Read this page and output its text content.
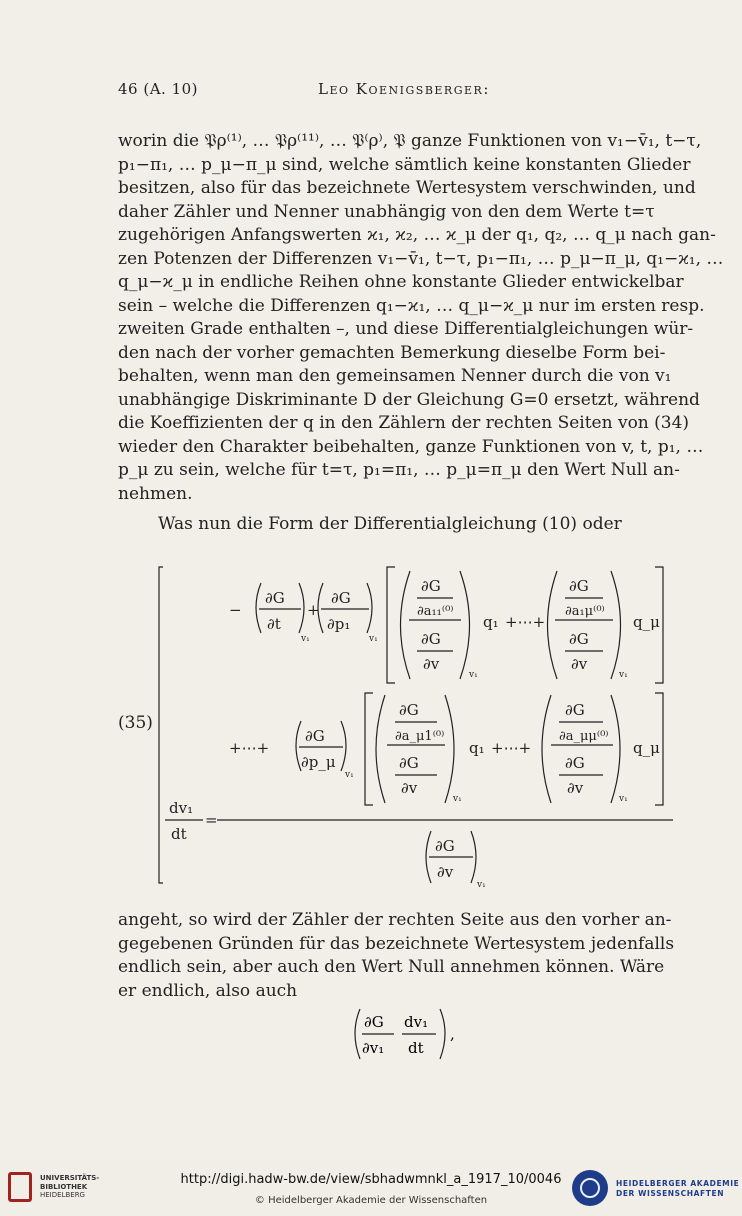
46 (A. 10)	Leo Koenigsberger:
worin die 𝔓ρ⁽¹⁾, … 𝔓ρ⁽¹¹⁾, … 𝔓⁽ρ⁾, 𝔓 ganze Funktionen von v₁−v̄₁, t−τ,
p₁−π₁, … p_μ−π_μ sind, welche sämtlich keine konstanten Glieder
besitzen, also für das bezeichnete Wertesystem verschwinden, und
daher Zähler und Nenner unabhängig von den dem Werte t=τ
zugehörigen Anfangswerten ϰ₁, ϰ₂, … ϰ_μ der q₁, q₂, … q_μ nach gan-
zen Potenzen der Differenzen v₁−v̄₁, t−τ, p₁−π₁, … p_μ−π_μ, q₁−ϰ₁, …
q_μ−ϰ_μ in endliche Reihen ohne konstante Glieder entwickelbar
sein – welche die Differenzen q₁−ϰ₁, … q_μ−ϰ_μ nur im ersten resp.
zweiten Grade enthalten –, und diese Differentialgleichungen wür-
den nach der vorher gemachten Bemerkung dieselbe Form bei-
behalten, wenn man den gemeinsamen Nenner durch die von v₁
unabhängige Diskriminante D der Gleichung G=0 ersetzt, während
die Koeffizienten der q in den Zählern der rechten Seiten von (34)
wieder den Charakter beibehalten, ganze Funktionen von v, t, p₁, …
p_μ zu sein, welche für t=τ, p₁=π₁, … p_μ=π_μ den Wert Null an-
nehmen.
Was nun die Form der Differentialgleichung (10) oder
(35)
−
∂G
∂t
v₁
+
∂G
∂p₁
v₁
∂G
∂a₁₁⁽⁰⁾
∂G
∂v
v₁
q₁ +⋯+
∂G
∂a₁μ⁽⁰⁾
∂G
∂v
v₁
q_μ
+⋯+
∂G
∂p_μ
v₁
∂G
∂a_μ1⁽⁰⁾
∂G
∂v
v₁
q₁ +⋯+
∂G
∂a_μμ⁽⁰⁾
∂G
∂v
v₁
q_μ
dv₁
dt
=
∂G
∂v
v₁
angeht, so wird der Zähler der rechten Seite aus den vorher an-
gegebenen Gründen für das bezeichnete Wertesystem jedenfalls
endlich sein, aber auch den Wert Null annehmen können. Wäre
er endlich, also auch
∂G
∂v₁
dv₁
dt
,
UNIVERSITÄTS-
BIBLIOTHEK
HEIDELBERG
http://digi.hadw-bw.de/view/sbhadwmnkl_a_1917_10/0046
© Heidelberger Akademie der Wissenschaften
HEIDELBERGER AKADEMIE
DER WISSENSCHAFTEN
